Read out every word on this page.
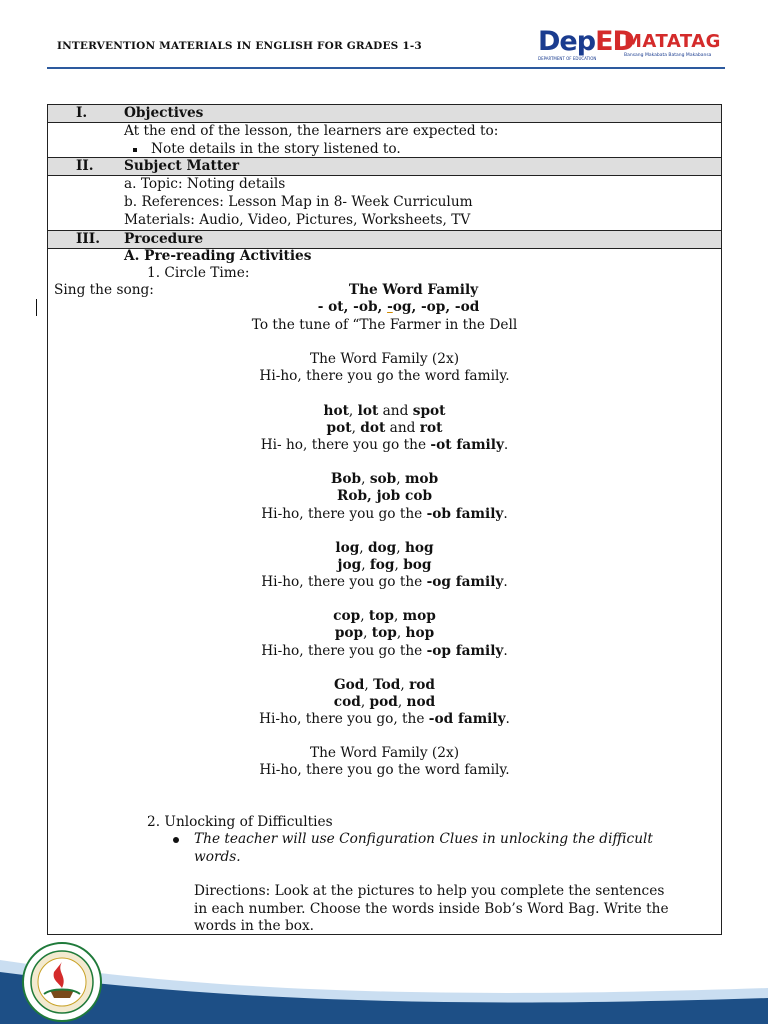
INTERVENTION MATERIALS IN ENGLISH FOR GRADES 1-3	DepED
DEPARTMENT OF EDUCATION
MATATAG
Bansang Makabata Batang Makabansa
I.	Objectives
At the end of the lesson, the learners are expected to:
Note details in the story listened to.
II. Subject Matter
a. Topic: Noting details
b. References: Lesson Map in 8- Week Curriculum
Materials: Audio, Video, Pictures, Worksheets, TV
III. Procedure
A. Pre-reading Activities
1. Circle Time:
Sing the song:	The Word Family
- ot, -ob, -og, -op, -od
To the tune of “The Farmer in the Dell
The Word Family (2x)
Hi-ho, there you go the word family.
hot, lot and spot
pot, dot and rot
Hi- ho, there you go the -ot family.
Bob, sob, mob
Rob, job cob
Hi-ho, there you go the -ob family.
log, dog, hog
jog, fog, bog
Hi-ho, there you go the -og family.
cop, top, mop
pop, top, hop
Hi-ho, there you go the -op family.
God, Tod, rod
cod, pod, nod
Hi-ho, there you go, the -od family.
The Word Family (2x)
Hi-ho, there you go the word family.
2. Unlocking of Difficulties
The teacher will use Configuration Clues in unlocking the difficult
words.
Directions: Look at the pictures to help you complete the sentences
in each number. Choose the words inside Bob’s Word Bag. Write the
words in the box.
